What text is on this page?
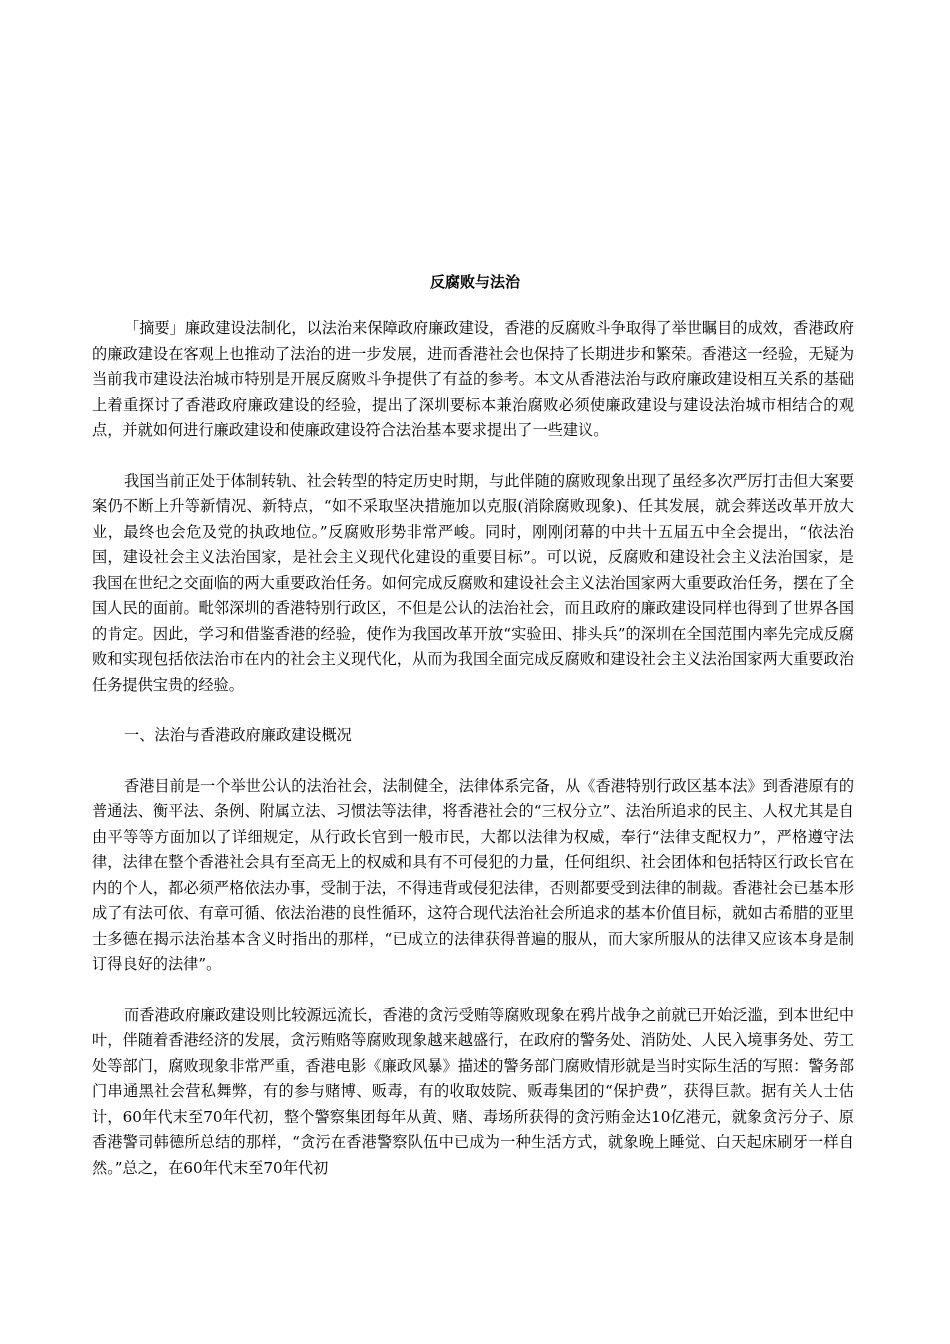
反腐败与法治

「摘要」廉政建设法制化，以法治来保障政府廉政建设，香港的反腐败斗争取得了举世瞩目的成效，香港政府的廉政建设在客观上也推动了法治的进一步发展，进而香港社会也保持了长期进步和繁荣。香港这一经验，无疑为当前我市建设法治城市特别是开展反腐败斗争提供了有益的参考。本文从香港法治与政府廉政建设相互关系的基础上着重探讨了香港政府廉政建设的经验，提出了深圳要标本兼治腐败必须使廉政建设与建设法治城市相结合的观点，并就如何进行廉政建设和使廉政建设符合法治基本要求提出了一些建议。

我国当前正处于体制转轨、社会转型的特定历史时期，与此伴随的腐败现象出现了虽经多次严厉打击但大案要案仍不断上升等新情况、新特点，“如不采取坚决措施加以克服(消除腐败现象)、任其发展，就会葬送改革开放大业，最终也会危及党的执政地位。”反腐败形势非常严峻。同时，刚刚闭幕的中共十五届五中全会提出，“依法治国，建设社会主义法治国家，是社会主义现代化建设的重要目标”。可以说，反腐败和建设社会主义法治国家，是我国在世纪之交面临的两大重要政治任务。如何完成反腐败和建设社会主义法治国家两大重要政治任务，摆在了全国人民的面前。毗邻深圳的香港特别行政区，不但是公认的法治社会，而且政府的廉政建设同样也得到了世界各国的肯定。因此，学习和借鉴香港的经验，使作为我国改革开放“实验田、排头兵”的深圳在全国范围内率先完成反腐败和实现包括依法治市在内的社会主义现代化，从而为我国全面完成反腐败和建设社会主义法治国家两大重要政治任务提供宝贵的经验。

一、法治与香港政府廉政建设概况

香港目前是一个举世公认的法治社会，法制健全，法律体系完备，从《香港特别行政区基本法》到香港原有的普通法、衡平法、条例、附属立法、习惯法等法律，将香港社会的“三权分立”、法治所追求的民主、人权尤其是自由平等等方面加以了详细规定，从行政长官到一般市民，大都以法律为权威，奉行“法律支配权力”，严格遵守法律，法律在整个香港社会具有至高无上的权威和具有不可侵犯的力量，任何组织、社会团体和包括特区行政长官在内的个人，都必须严格依法办事，受制于法，不得违背或侵犯法律，否则都要受到法律的制裁。香港社会已基本形成了有法可依、有章可循、依法治港的良性循环，这符合现代法治社会所追求的基本价值目标，就如古希腊的亚里士多德在揭示法治基本含义时指出的那样，“已成立的法律获得普遍的服从，而大家所服从的法律又应该本身是制订得良好的法律”。

而香港政府廉政建设则比较源远流长，香港的贪污受贿等腐败现象在鸦片战争之前就已开始泛滥，到本世纪中叶，伴随着香港经济的发展，贪污贿赂等腐败现象越来越盛行，在政府的警务处、消防处、人民入境事务处、劳工处等部门，腐败现象非常严重，香港电影《廉政风暴》描述的警务部门腐败情形就是当时实际生活的写照：警务部门串通黑社会营私舞弊，有的参与赌博、贩毒，有的收取妓院、贩毒集团的“保护费”，获得巨款。据有关人士估计，60年代末至70年代初，整个警察集团每年从黄、赌、毒场所获得的贪污贿金达10亿港元，就象贪污分子、原香港警司韩德所总结的那样，“贪污在香港警察队伍中已成为一种生活方式，就象晚上睡觉、白天起床刷牙一样自然。”总之，在60年代末至70年代初
